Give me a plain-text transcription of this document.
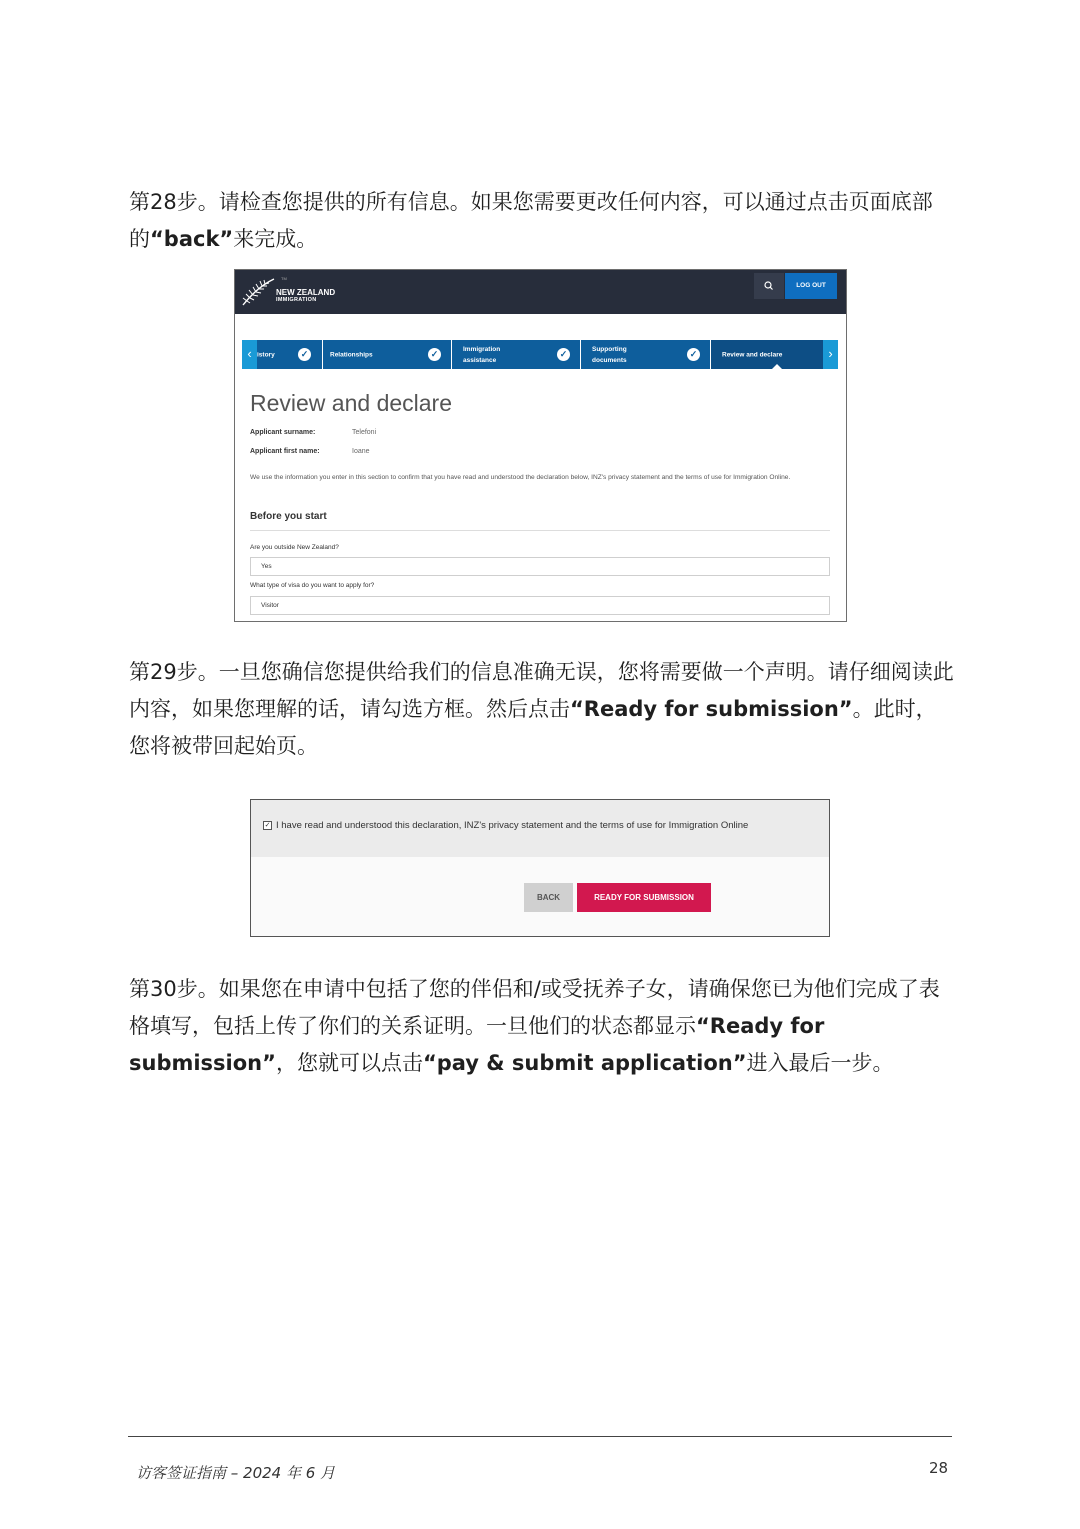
第28步。请检查您提供的所有信息。如果您需要更改任何内容，可以通过点击页面底部的“back”来完成。

TM
NEW ZEALAND
IMMIGRATION
LOG OUT
‹ istory	✓	Relationships	✓	Immigration assistance
✓	Supporting documents
✓	Review and declare	›
Review and declare
Applicant surname:	Telefoni
Applicant first name:	Ioane
We use the information you enter in this section to confirm that you have read and understood the declaration below, INZ's privacy statement and the terms of use for Immigration Online.
Before you start
Are you outside New Zealand?
Yes
What type of visa do you want to apply for?
Visitor

第29步。一旦您确信您提供给我们的信息准确无误，您将需要做一个声明。请仔细阅读此内容，如果您理解的话，请勾选方框。然后点击“Ready for submission”。此时，您将被带回起始页。

✓ I have read and understood this declaration, INZ's privacy statement and the terms of use for Immigration Online
BACK	READY FOR SUBMISSION

第30步。如果您在申请中包括了您的伴侣和/或受抚养子女，请确保您已为他们完成了表格填写，包括上传了你们的关系证明。一旦他们的状态都显示“Ready for submission”，您就可以点击“pay & submit application”进入最后一步。

访客签证指南 – 2024 年 6 月	28
